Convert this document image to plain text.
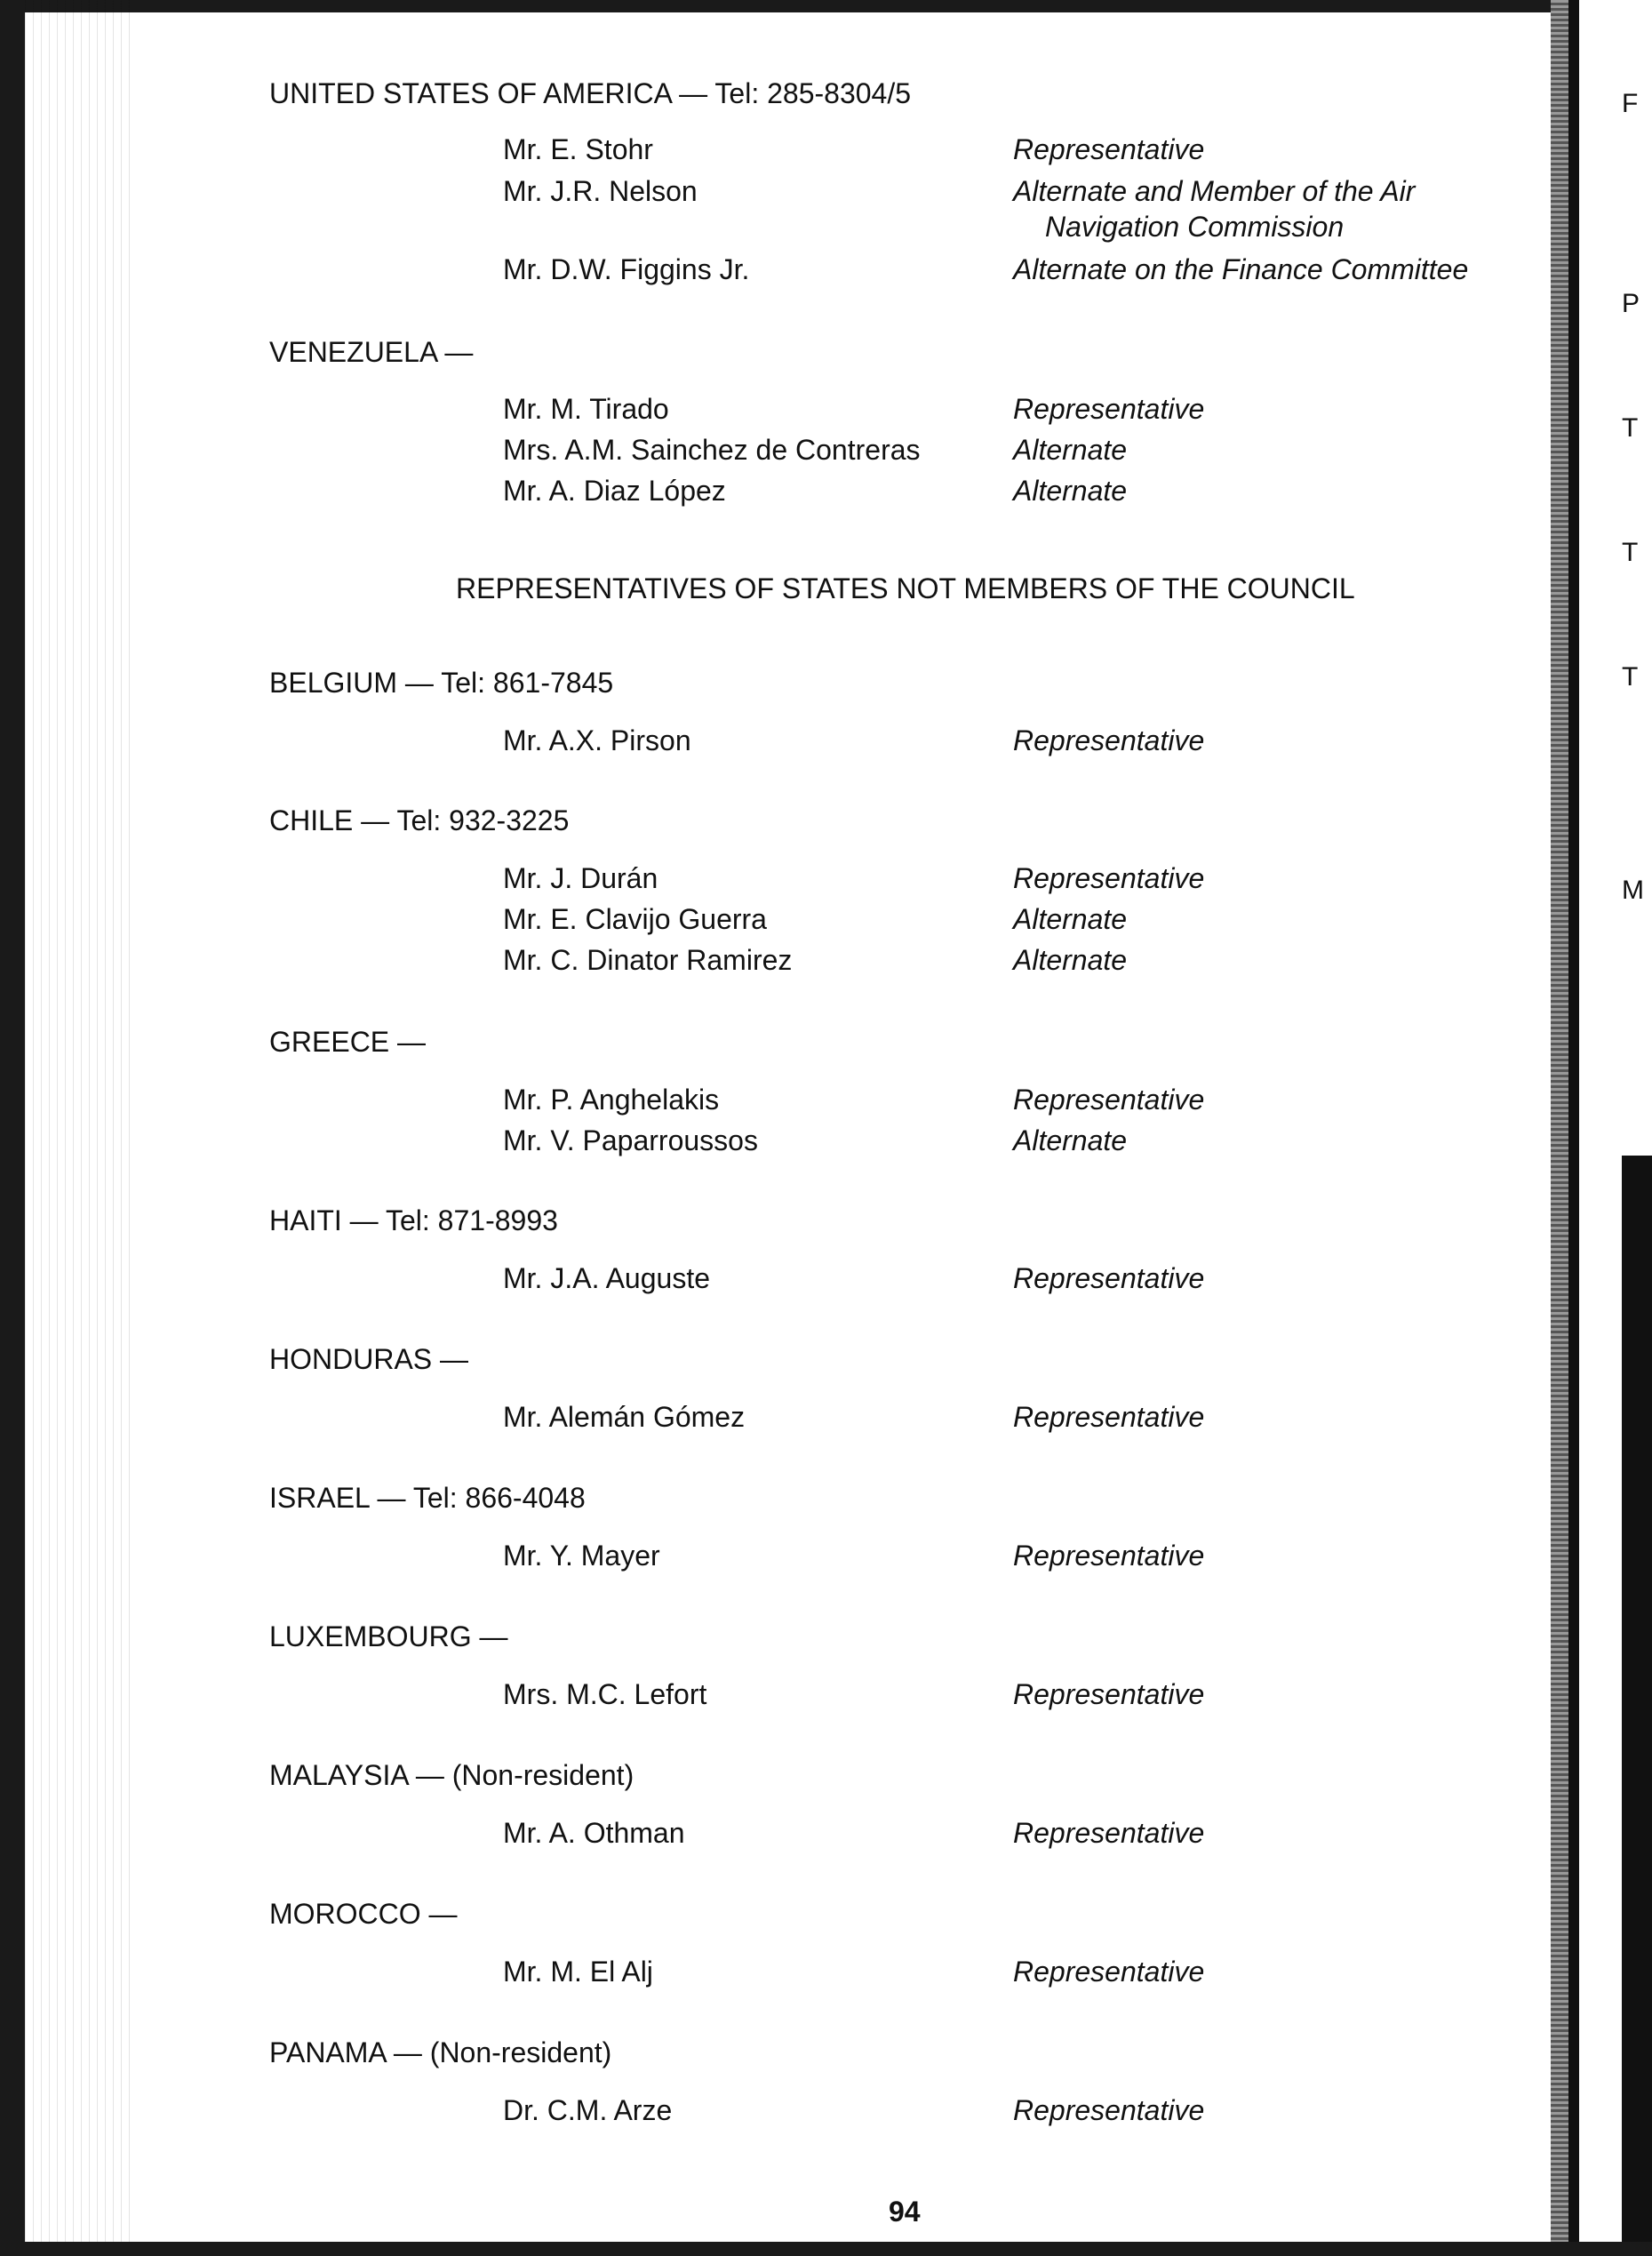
F
P
T
T
T
M
UNITED STATES OF AMERICA — Tel: 285-8304/5
Mr. E. Stohr	Representative
Mr. J.R. Nelson	Alternate and Member of the Air
Navigation Commission
Mr. D.W. Figgins Jr.	Alternate on the Finance Committee
VENEZUELA —
Mr. M. Tirado	Representative
Mrs. A.M. Sainchez de Contreras	Alternate
Mr. A. Diaz López	Alternate
REPRESENTATIVES OF STATES NOT MEMBERS OF THE COUNCIL
BELGIUM — Tel: 861-7845
Mr. A.X. Pirson	Representative
CHILE — Tel: 932-3225
Mr. J. Durán	Representative
Mr. E. Clavijo Guerra	Alternate
Mr. C. Dinator Ramirez	Alternate
GREECE —
Mr. P. Anghelakis	Representative
Mr. V. Paparroussos	Alternate
HAITI — Tel: 871-8993
Mr. J.A. Auguste	Representative
HONDURAS —
Mr. Alemán Gómez	Representative
ISRAEL — Tel: 866-4048
Mr. Y. Mayer	Representative
LUXEMBOURG —
Mrs. M.C. Lefort	Representative
MALAYSIA — (Non-resident)
Mr. A. Othman	Representative
MOROCCO —
Mr. M. El Alj	Representative
PANAMA — (Non-resident)
Dr. C.M. Arze	Representative
94
